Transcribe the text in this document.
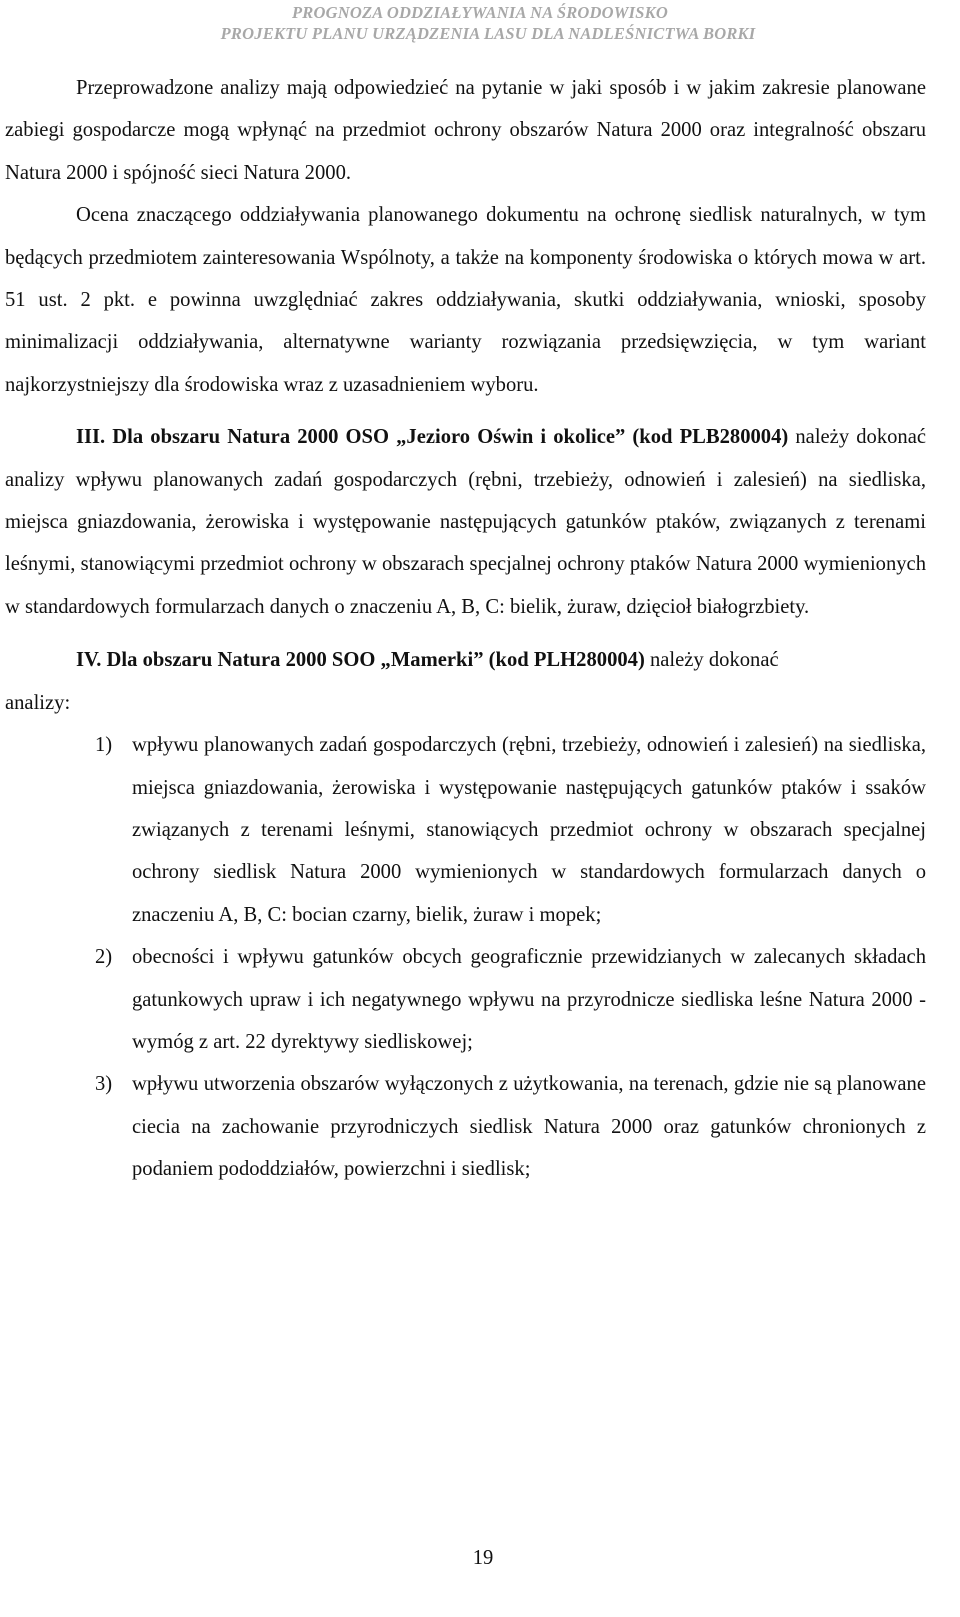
PROGNOZA ODDZIAŁYWANIA NA ŚRODOWISKO
PROJEKTU PLANU URZĄDZENIA LASU DLA NADLEŚNICTWA BORKI

Przeprowadzone analizy mają odpowiedzieć na pytanie w jaki sposób i w jakim zakresie planowane zabiegi gospodarcze mogą wpłynąć na przedmiot ochrony obszarów Natura 2000 oraz integralność obszaru Natura 2000 i spójność sieci Natura 2000.

Ocena znaczącego oddziaływania planowanego dokumentu na ochronę siedlisk naturalnych, w tym będących przedmiotem zainteresowania Wspólnoty, a także na komponenty środowiska o których mowa w art. 51 ust. 2 pkt. e powinna uwzględniać zakres oddziaływania, skutki oddziaływania, wnioski, sposoby minimalizacji oddziaływania, alternatywne warianty rozwiązania przedsięwzięcia, w tym wariant najkorzystniejszy dla środowiska wraz z uzasadnieniem wyboru.

III. Dla obszaru Natura 2000 OSO „Jezioro Oświn i okolice” (kod PLB280004) należy dokonać analizy wpływu planowanych zadań gospodarczych (rębni, trzebieży, odnowień i zalesień) na siedliska, miejsca gniazdowania, żerowiska i występowanie następujących gatunków ptaków, związanych z terenami leśnymi, stanowiącymi przedmiot ochrony w obszarach specjalnej ochrony ptaków Natura 2000 wymienionych w standardowych formularzach danych o znaczeniu A, B, C: bielik, żuraw, dzięcioł białogrzbiety.

IV. Dla obszaru Natura 2000 SOO „Mamerki” (kod PLH280004) należy dokonać

analizy:

1) wpływu planowanych zadań gospodarczych (rębni, trzebieży, odnowień i zalesień) na siedliska, miejsca gniazdowania, żerowiska i występowanie następujących gatunków ptaków i ssaków związanych z terenami leśnymi, stanowiących przedmiot ochrony w obszarach specjalnej ochrony siedlisk Natura 2000 wymienionych w standardowych formularzach danych o znaczeniu A, B, C: bocian czarny, bielik, żuraw i mopek;
2) obecności i wpływu gatunków obcych geograficznie przewidzianych w zalecanych składach gatunkowych upraw i ich negatywnego wpływu na przyrodnicze siedliska leśne Natura 2000 - wymóg z art. 22 dyrektywy siedliskowej;
3) wpływu utworzenia obszarów wyłączonych z użytkowania, na terenach, gdzie nie są planowane ciecia na zachowanie przyrodniczych siedlisk Natura 2000 oraz gatunków chronionych z podaniem pododdziałów, powierzchni i siedlisk;
19
